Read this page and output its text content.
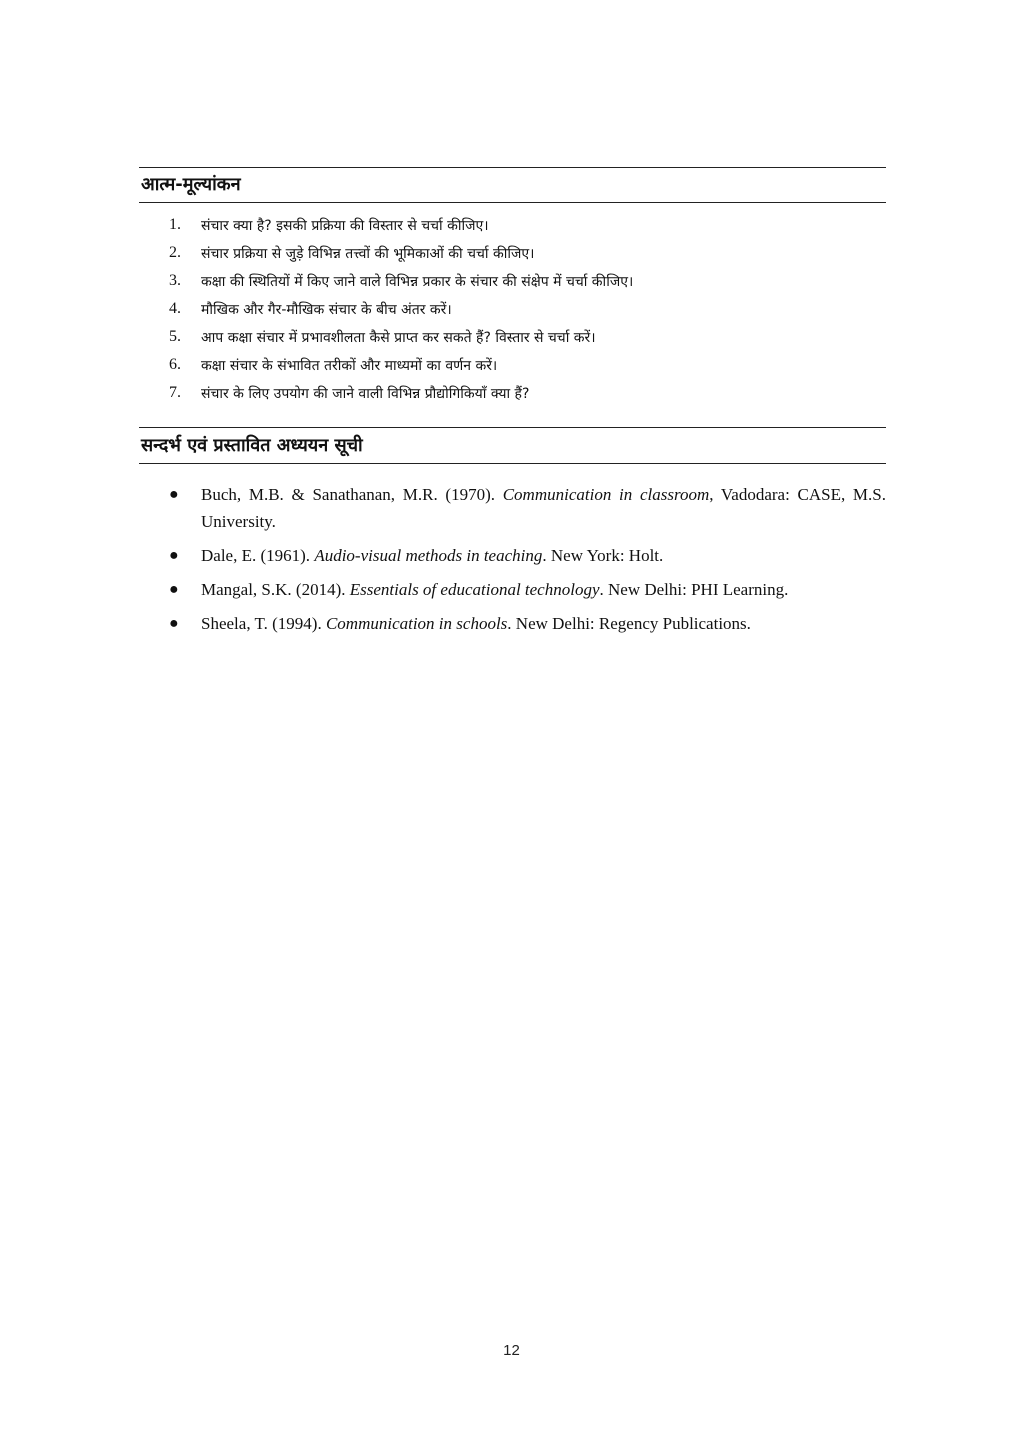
आत्म-मूल्यांकन
1.	संचार क्या है? इसकी प्रक्रिया की विस्तार से चर्चा कीजिए।
2.	संचार प्रक्रिया से जुड़े विभिन्न तत्त्वों की भूमिकाओं की चर्चा कीजिए।
3.	कक्षा की स्थितियों में किए जाने वाले विभिन्न प्रकार के संचार की संक्षेप में चर्चा कीजिए।
4.	मौखिक और गैर-मौखिक संचार के बीच अंतर करें।
5.	आप कक्षा संचार में प्रभावशीलता कैसे प्राप्त कर सकते हैं? विस्तार से चर्चा करें।
6.	कक्षा संचार के संभावित तरीकों और माध्यमों का वर्णन करें।
7.	संचार के लिए उपयोग की जाने वाली विभिन्न प्रौद्योगिकियाँ क्या हैं?
सन्दर्भ एवं प्रस्तावित अध्ययन सूची
●	Buch, M.B. & Sanathanan, M.R. (1970). Communication in classroom, Vadodara: CASE, M.S. University.
●	Dale, E. (1961). Audio-visual methods in teaching. New York: Holt.
●	Mangal, S.K. (2014). Essentials of educational technology. New Delhi: PHI Learning.
●	Sheela, T. (1994). Communication in schools. New Delhi: Regency Publications.
12
